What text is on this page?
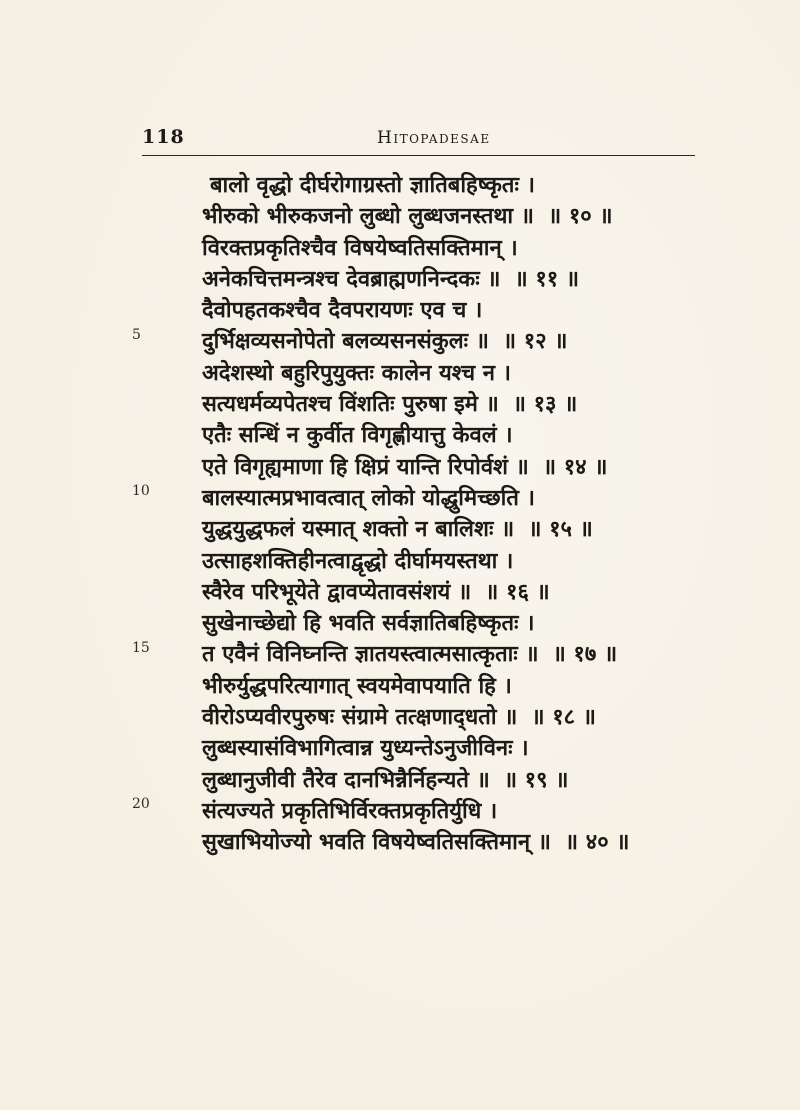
118	Hitopadesae
5
10
15
20
बालो वृद्धो दीर्घरोगाग्रस्तो ज्ञातिबहिष्कृतः ।
भीरुको भीरुकजनो लुब्धो लुब्धजनस्तथा ॥ ॥ १० ॥
विरक्तप्रकृतिश्चैव विषयेष्वतिसक्तिमान् ।
अनेकचित्तमन्त्रश्च देवब्राह्मणनिन्दकः ॥ ॥ ११ ॥
दैवोपहतकश्चैव दैवपरायणः एव च ।
दुर्भिक्षव्यसनोपेतो बलव्यसनसंकुलः ॥ ॥ १२ ॥
अदेशस्थो बहुरिपुयुक्तः कालेन यश्च न ।
सत्यधर्मव्यपेतश्च विंशतिः पुरुषा इमे ॥ ॥ १३ ॥
एतैः सन्धिं न कुर्वीत विगृह्णीयात्तु केवलं ।
एते विगृह्यमाणा हि क्षिप्रं यान्ति रिपोर्वशं ॥ ॥ १४ ॥
बालस्यात्मप्रभावत्वात् लोको योद्धुमिच्छति ।
युद्धयुद्धफलं यस्मात् शक्तो न बालिशः ॥ ॥ १५ ॥
उत्साहशक्तिहीनत्वाद्वृद्धो दीर्घामयस्तथा ।
स्वैरेव परिभूयेते द्वावप्येतावसंशयं ॥ ॥ १६ ॥
सुखेनाच्छेद्यो हि भवति सर्वज्ञातिबहिष्कृतः ।
त एवैनं विनिघ्नन्ति ज्ञातयस्त्वात्मसात्कृताः ॥ ॥ १७ ॥
भीरुर्युद्धपरित्यागात् स्वयमेवापयाति हि ।
वीरोऽप्यवीरपुरुषः संग्रामे तत्क्षणाद्‌धतो ॥ ॥ १८ ॥
लुब्धस्यासंविभागित्वान्न युध्यन्तेऽनुजीविनः ।
लुब्धानुजीवी तैरेव दानभिन्नैर्निहन्यते ॥ ॥ १९ ॥
संत्यज्यते प्रकृतिभिर्विरक्तप्रकृतिर्युधि ।
सुखाभियोज्यो भवति विषयेष्वतिसक्तिमान् ॥ ॥ ४० ॥
